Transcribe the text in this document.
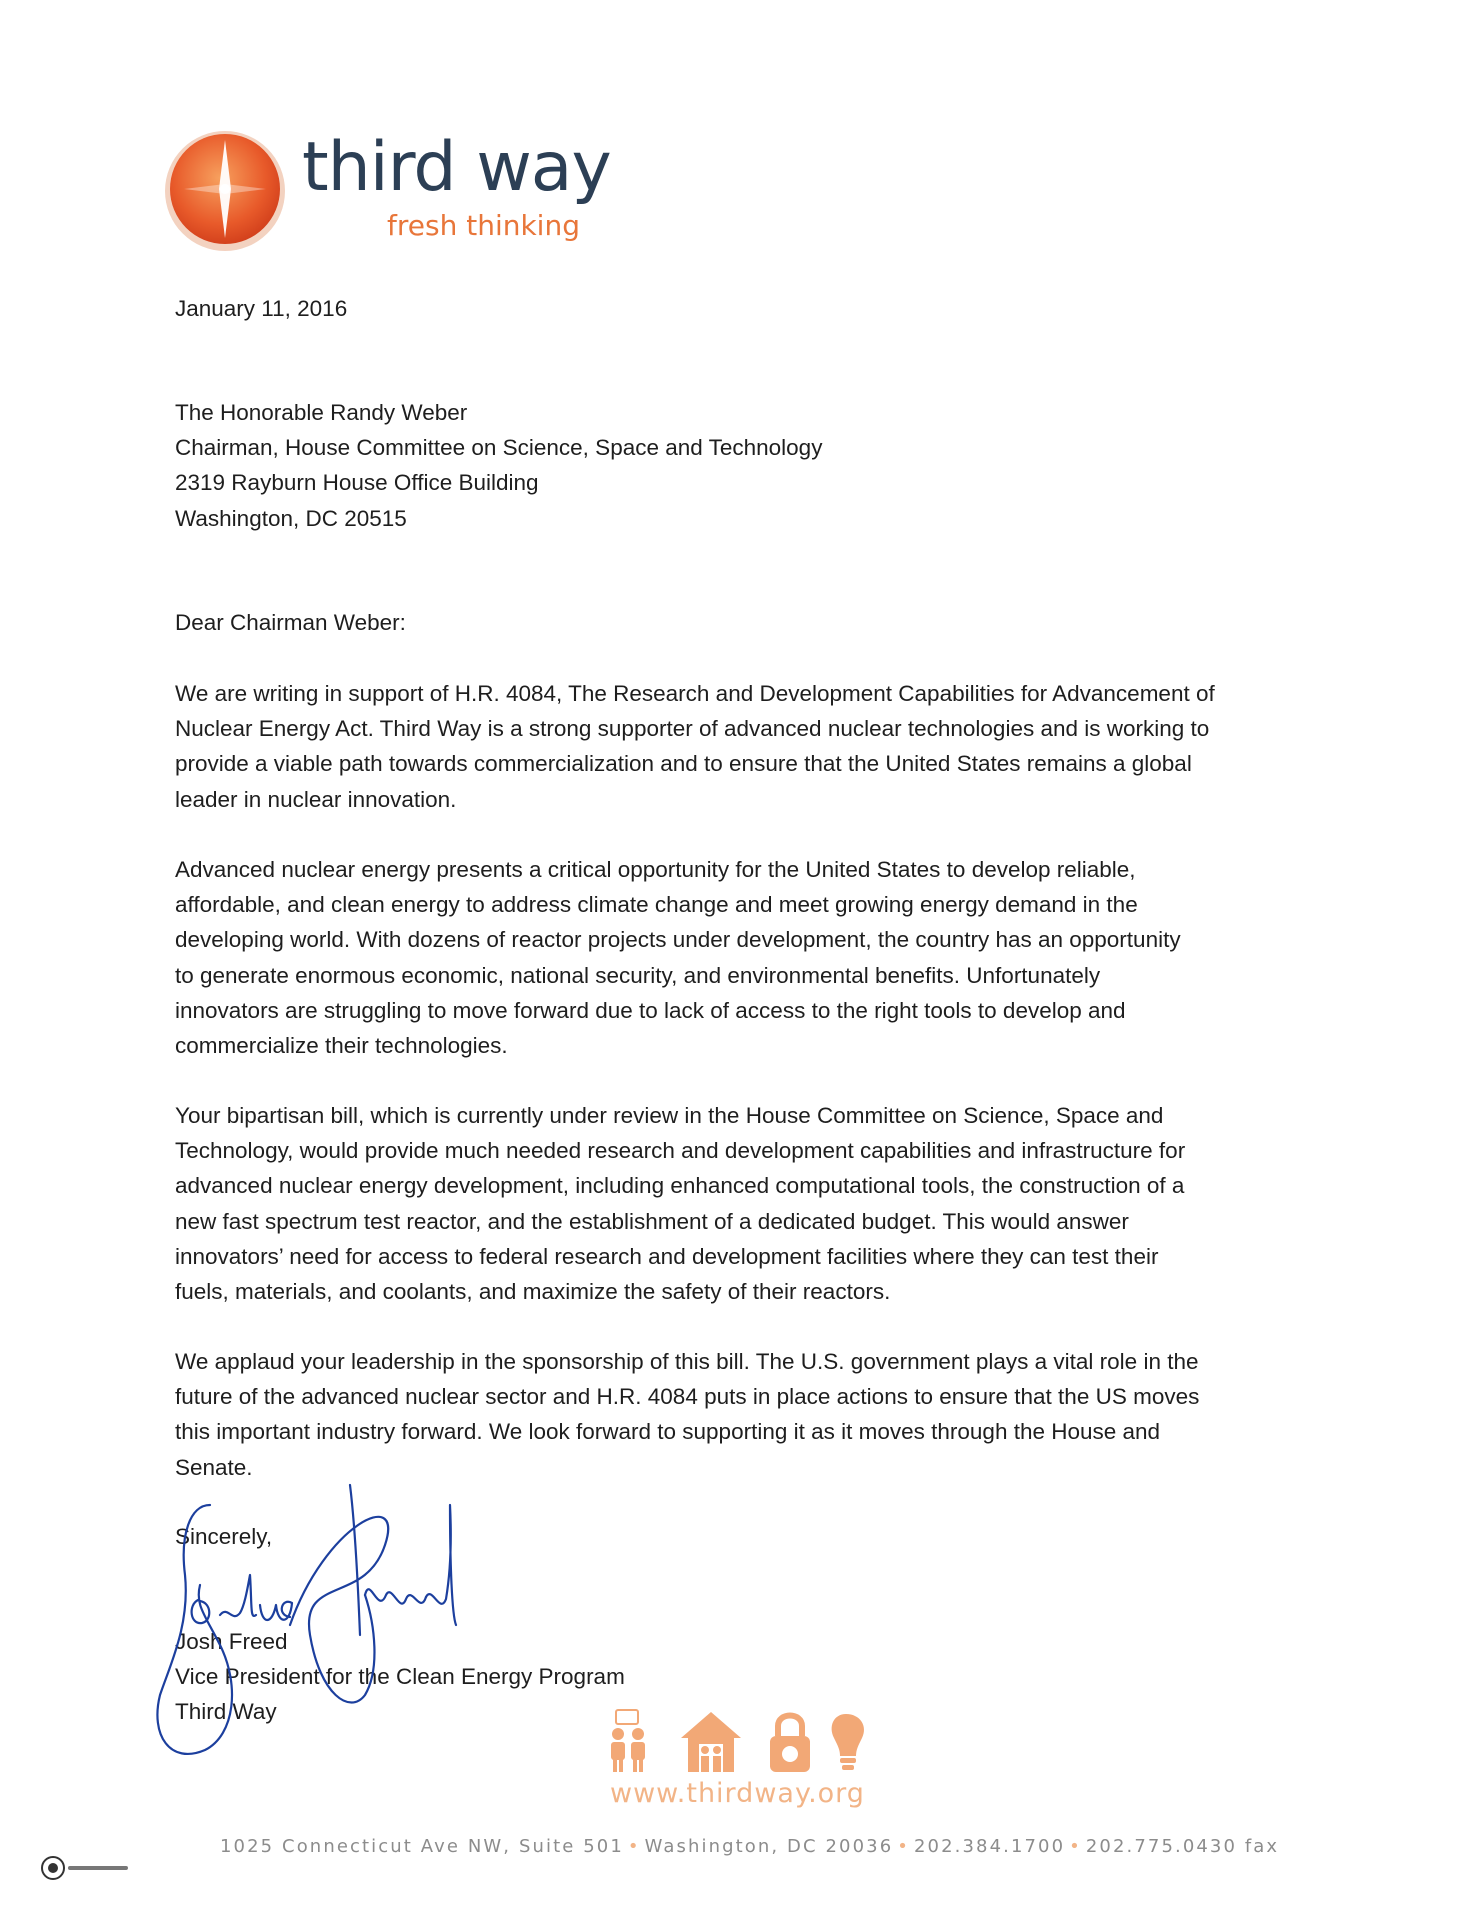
third way
fresh thinking
January 11, 2016
The Honorable Randy Weber
Chairman, House Committee on Science, Space and Technology
2319 Rayburn House Office Building
Washington, DC 20515
Dear Chairman Weber:
We are writing in support of H.R. 4084, The Research and Development Capabilities for Advancement of
Nuclear Energy Act. Third Way is a strong supporter of advanced nuclear technologies and is working to
provide a viable path towards commercialization and to ensure that the United States remains a global
leader in nuclear innovation.
Advanced nuclear energy presents a critical opportunity for the United States to develop reliable,
affordable, and clean energy to address climate change and meet growing energy demand in the
developing world. With dozens of reactor projects under development, the country has an opportunity
to generate enormous economic, national security, and environmental benefits. Unfortunately
innovators are struggling to move forward due to lack of access to the right tools to develop and
commercialize their technologies.
Your bipartisan bill, which is currently under review in the House Committee on Science, Space and
Technology, would provide much needed research and development capabilities and infrastructure for
advanced nuclear energy development, including enhanced computational tools, the construction of a
new fast spectrum test reactor, and the establishment of a dedicated budget. This would answer
innovators’ need for access to federal research and development facilities where they can test their
fuels, materials, and coolants, and maximize the safety of their reactors.
We applaud your leadership in the sponsorship of this bill. The U.S. government plays a vital role in the
future of the advanced nuclear sector and H.R. 4084 puts in place actions to ensure that the US moves
this important industry forward. We look forward to supporting it as it moves through the House and
Senate.
Sincerely,
Josh Freed
Vice President for the Clean Energy Program
Third Way
www.thirdway.org
1025 Connecticut Ave NW, Suite 501 • Washington, DC 20036 • 202.384.1700 • 202.775.0430 fax
